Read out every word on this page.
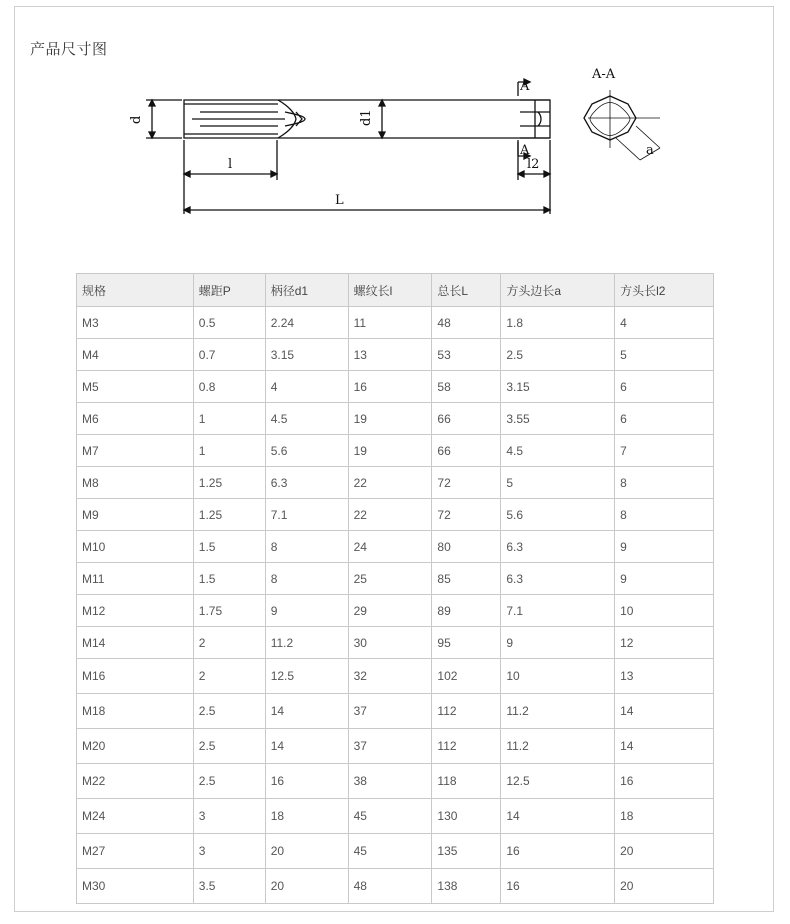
产品尺寸图
d	d1
l
L
A
A
l2
A-A
a
规格	螺距P	柄径d1	螺纹长l	总长L	方头边长a	方头长l2
M3	0.5	2.24	11	48	1.8	4
M4	0.7	3.15	13	53	2.5	5
M5	0.8	4	16	58	3.15	6
M6	1	4.5	19	66	3.55	6
M7	1	5.6	19	66	4.5	7
M8	1.25	6.3	22	72	5	8
M9	1.25	7.1	22	72	5.6	8
M10	1.5	8	24	80	6.3	9
M11	1.5	8	25	85	6.3	9
M12	1.75	9	29	89	7.1	10
M14	2	11.2	30	95	9	12
M16	2	12.5	32	102	10	13
M18	2.5	14	37	112	11.2	14
M20	2.5	14	37	112	11.2	14
M22	2.5	16	38	118	12.5	16
M24	3	18	45	130	14	18
M27	3	20	45	135	16	20
M30	3.5	20	48	138	16	20
